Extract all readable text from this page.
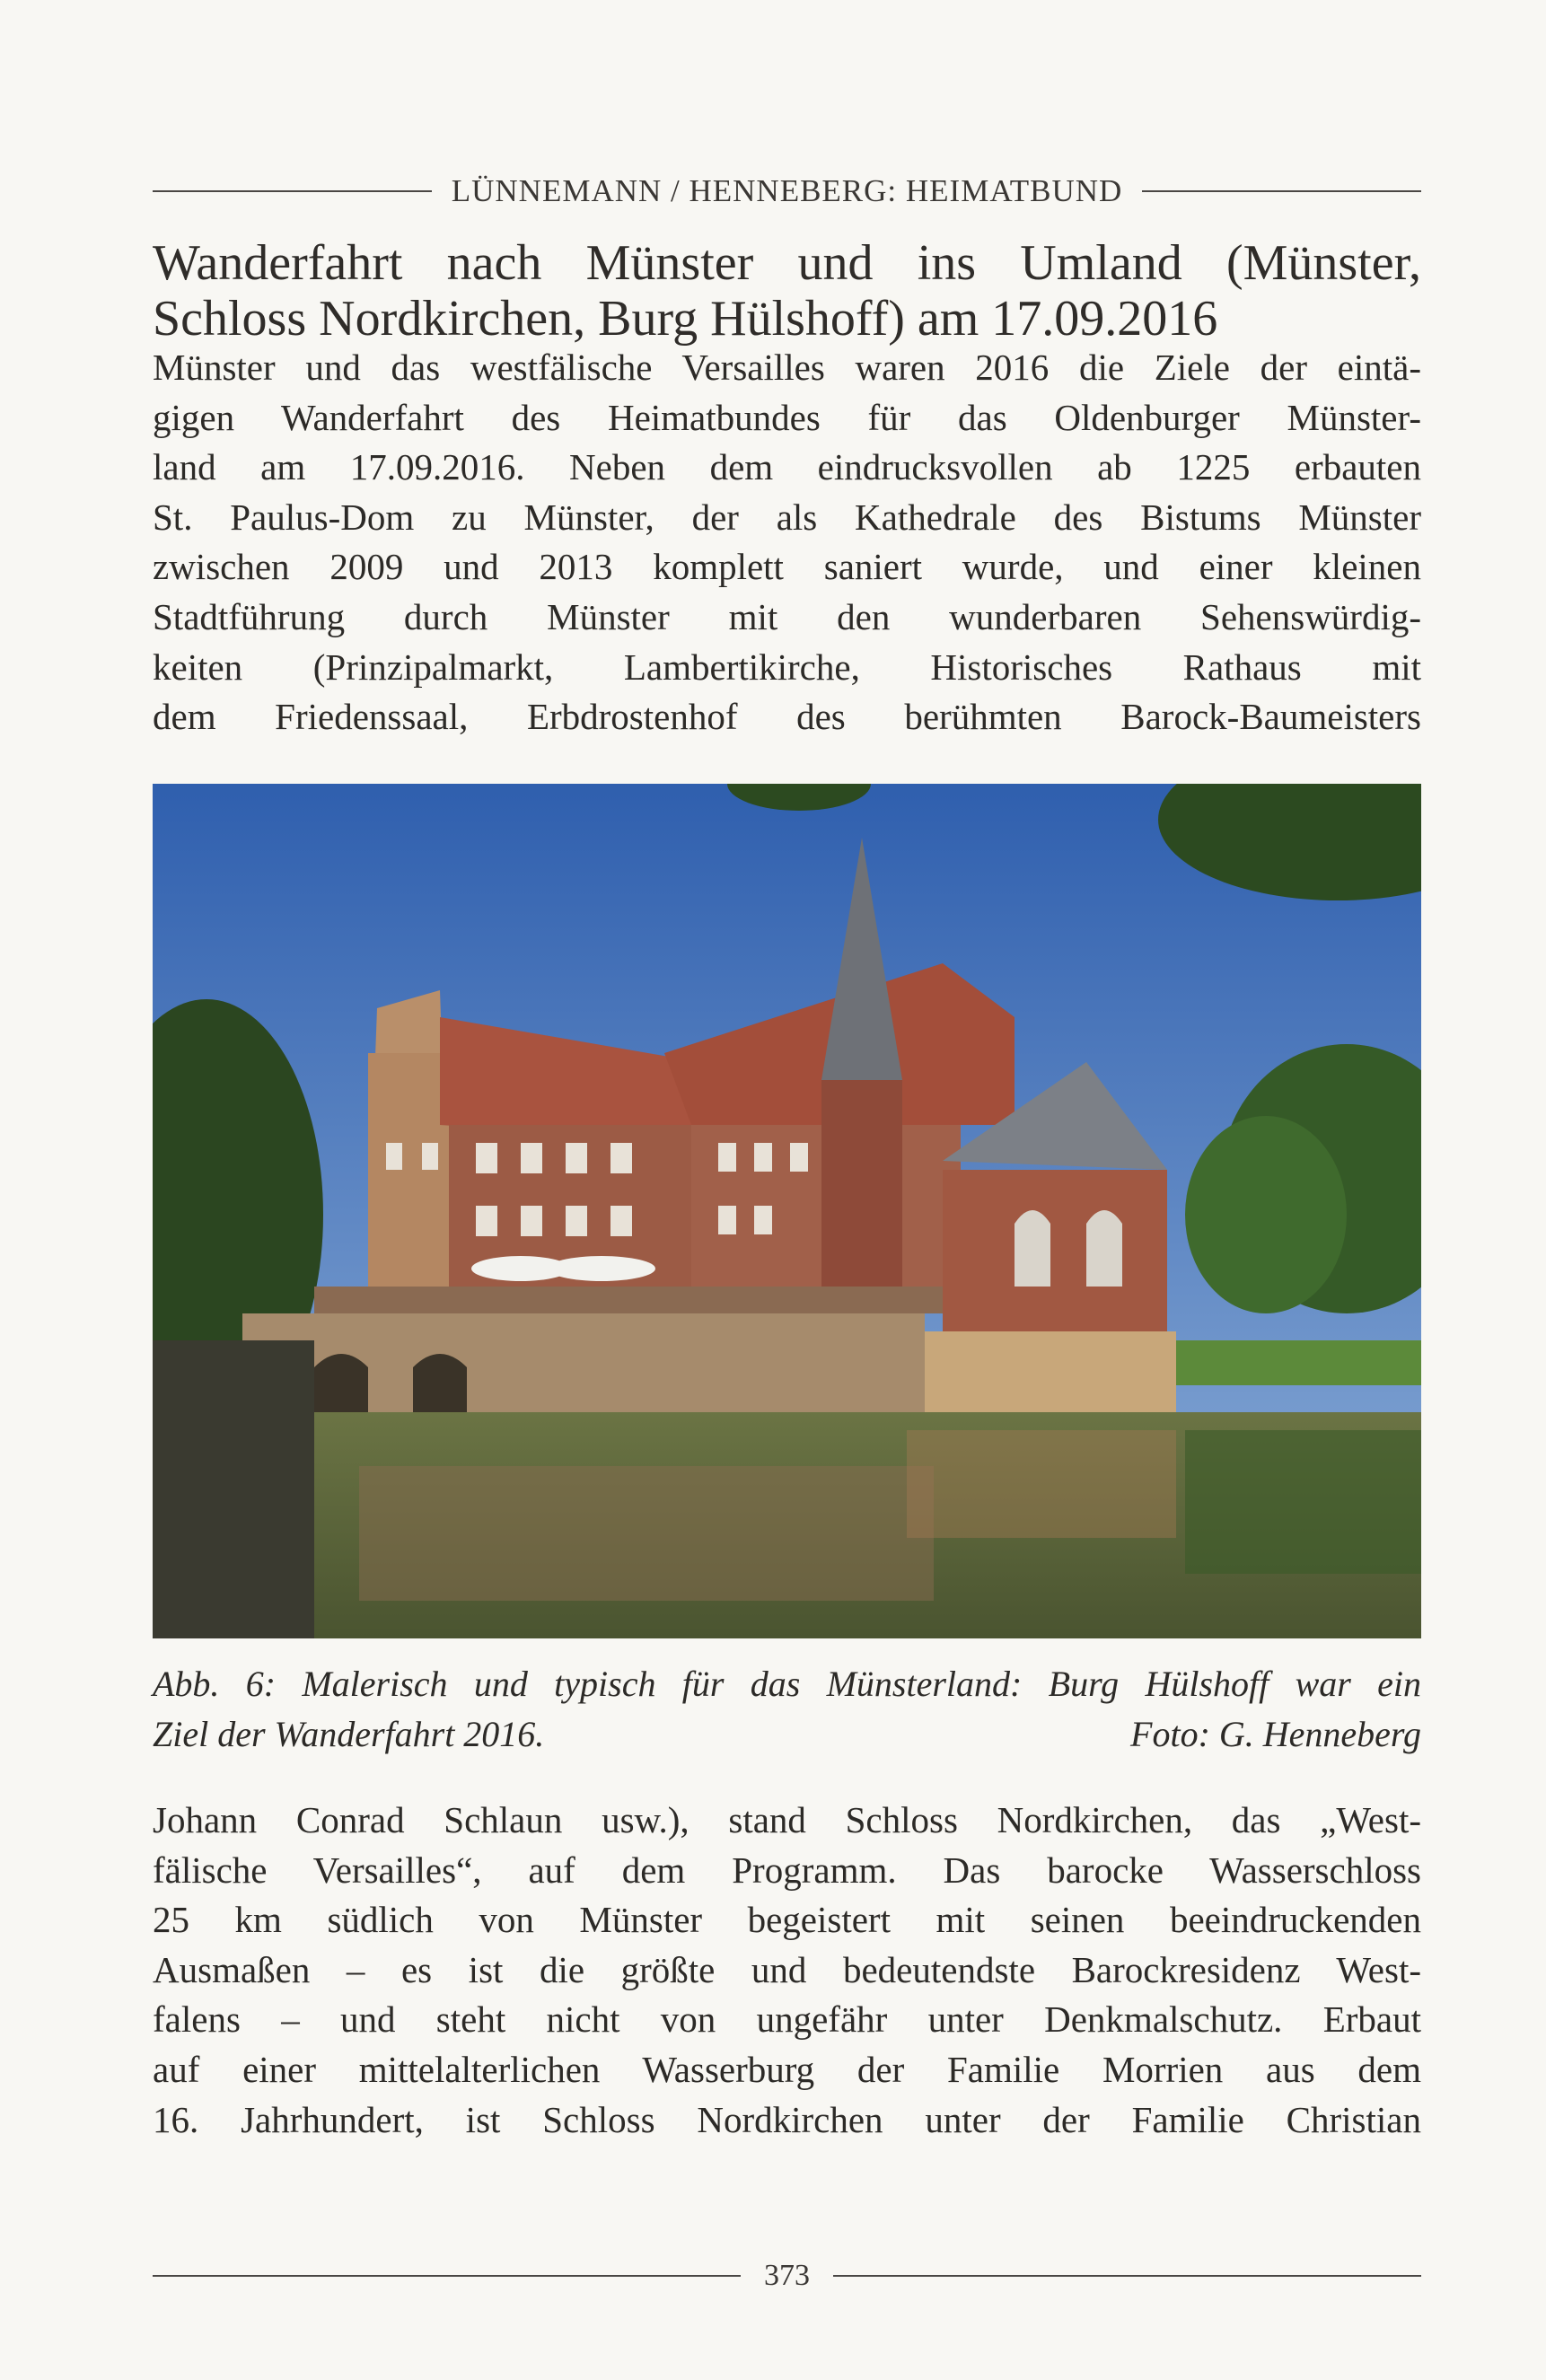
LÜNNEMANN / HENNEBERG: HEIMATBUND
Wanderfahrt nach Münster und ins Umland (Münster,
Schloss Nordkirchen, Burg Hülshoff) am 17.09.2016

Münster und das westfälische Versailles waren 2016 die Ziele der eintä-
gigen Wanderfahrt des Heimatbundes für das Oldenburger Münster-
land am 17.09.2016. Neben dem eindrucksvollen ab 1225 erbauten
St. Paulus-Dom zu Münster, der als Kathedrale des Bistums Münster
zwischen 2009 und 2013 komplett saniert wurde, und einer kleinen
Stadtführung durch Münster mit den wunderbaren Sehenswürdig-
keiten (Prinzipalmarkt, Lambertikirche, Historisches Rathaus mit
dem Friedenssaal, Erbdrostenhof des berühmten Barock-Baumeisters

Abb. 6: Malerisch und typisch für das Münsterland: Burg Hülshoff war ein
Ziel der Wanderfahrt 2016.	Foto: G. Henneberg

Johann Conrad Schlaun usw.), stand Schloss Nordkirchen, das „West-
fälische Versailles“, auf dem Programm. Das barocke Wasserschloss
25 km südlich von Münster begeistert mit seinen beeindruckenden
Ausmaßen – es ist die größte und bedeutendste Barockresidenz West-
falens – und steht nicht von ungefähr unter Denkmalschutz. Erbaut
auf einer mittelalterlichen Wasserburg der Familie Morrien aus dem
16. Jahrhundert, ist Schloss Nordkirchen unter der Familie Christian

373
